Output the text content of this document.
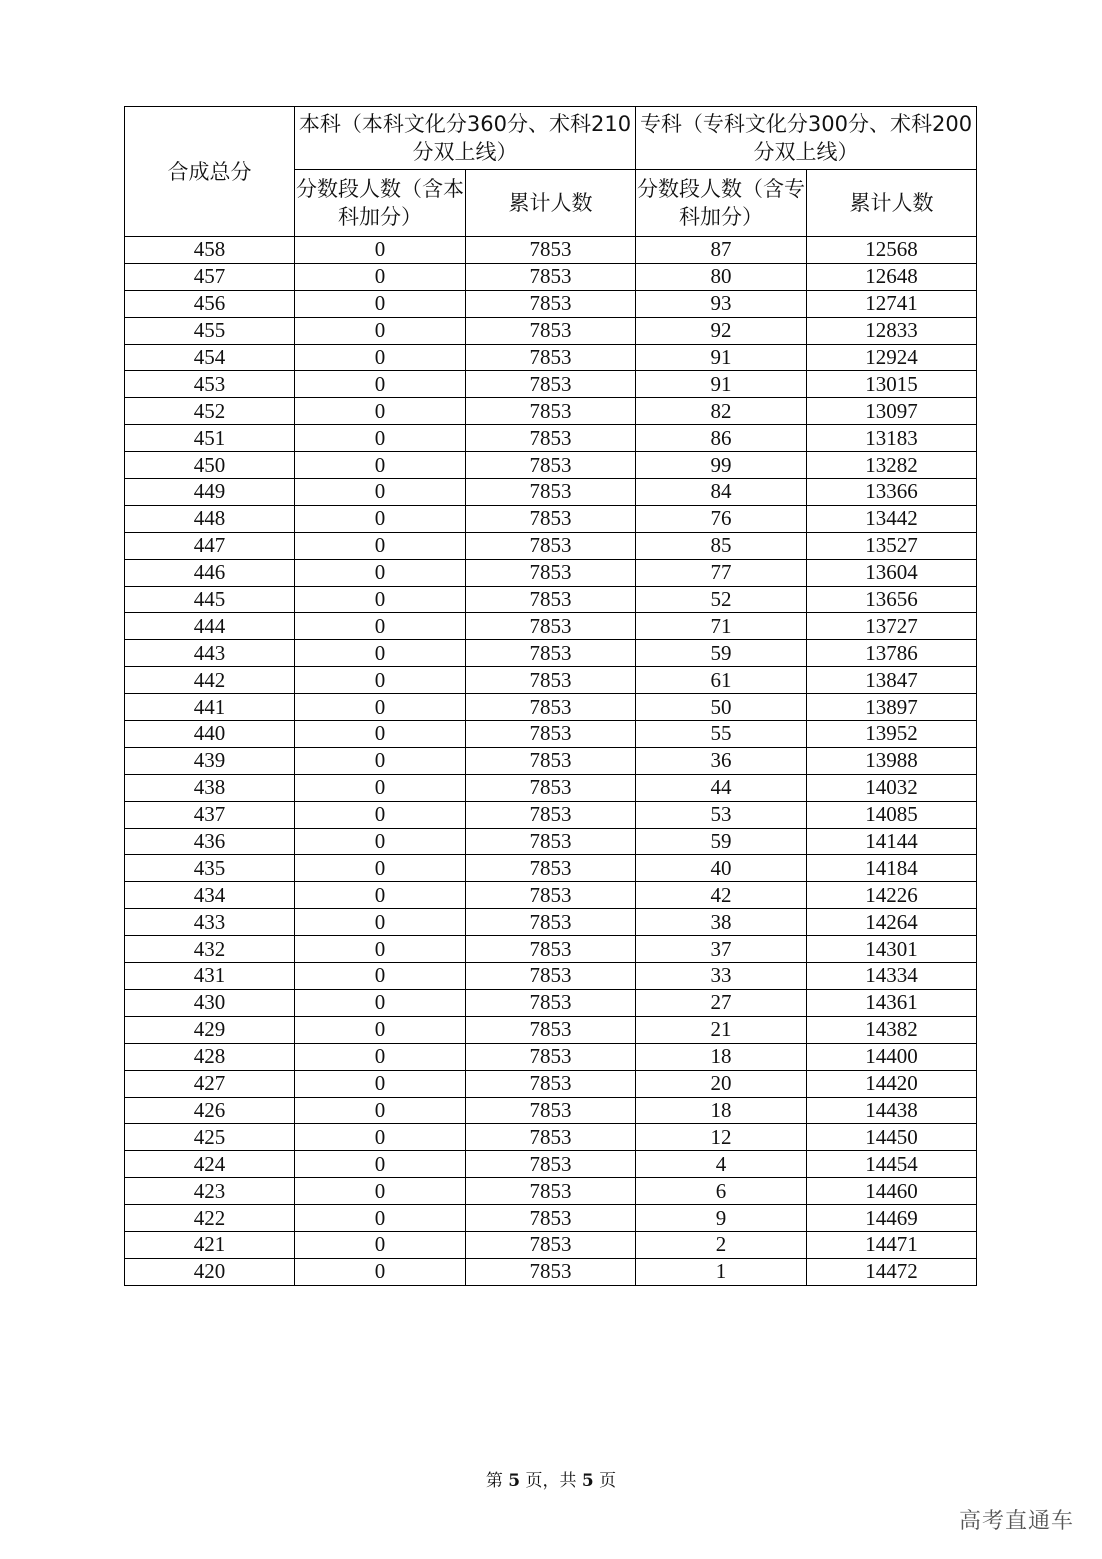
合成总分	本科（本科文化分360分、术科210分双上线）		专科（专科文化分300分、术科200分双上线）	
	分数段人数（含本科加分）	累计人数	分数段人数（含专科加分）	累计人数
458	0	7853	87	12568
457	0	7853	80	12648
456	0	7853	93	12741
455	0	7853	92	12833
454	0	7853	91	12924
453	0	7853	91	13015
452	0	7853	82	13097
451	0	7853	86	13183
450	0	7853	99	13282
449	0	7853	84	13366
448	0	7853	76	13442
447	0	7853	85	13527
446	0	7853	77	13604
445	0	7853	52	13656
444	0	7853	71	13727
443	0	7853	59	13786
442	0	7853	61	13847
441	0	7853	50	13897
440	0	7853	55	13952
439	0	7853	36	13988
438	0	7853	44	14032
437	0	7853	53	14085
436	0	7853	59	14144
435	0	7853	40	14184
434	0	7853	42	14226
433	0	7853	38	14264
432	0	7853	37	14301
431	0	7853	33	14334
430	0	7853	27	14361
429	0	7853	21	14382
428	0	7853	18	14400
427	0	7853	20	14420
426	0	7853	18	14438
425	0	7853	12	14450
424	0	7853	4	14454
423	0	7853	6	14460
422	0	7853	9	14469
421	0	7853	2	14471
420	0	7853	1	14472
第 5 页，共 5 页
高考直通车
